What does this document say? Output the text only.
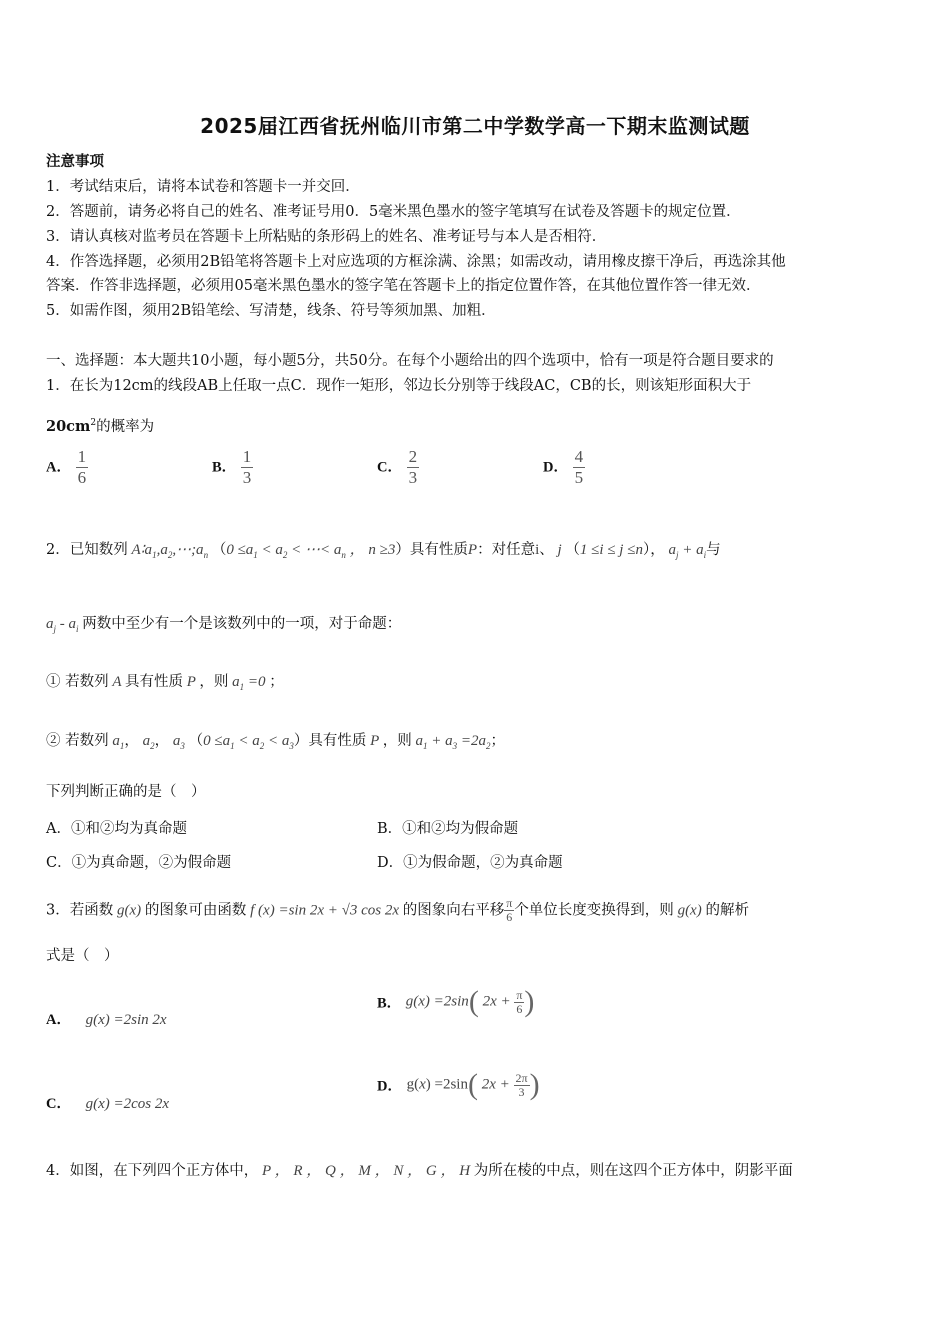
2025届江西省抚州临川市第二中学数学高一下期末监测试题
注意事项
1．考试结束后，请将本试卷和答题卡一并交回．
2．答题前，请务必将自己的姓名、准考证号用0．5毫米黑色墨水的签字笔填写在试卷及答题卡的规定位置．
3．请认真核对监考员在答题卡上所粘贴的条形码上的姓名、准考证号与本人是否相符．
4．作答选择题，必须用2B铅笔将答题卡上对应选项的方框涂满、涂黑；如需改动，请用橡皮擦干净后，再选涂其他
答案．作答非选择题，必须用05毫米黑色墨水的签字笔在答题卡上的指定位置作答，在其他位置作答一律无效．
5．如需作图，须用2B铅笔绘、写清楚，线条、符号等须加黑、加粗．
一、选择题：本大题共10小题，每小题5分，共50分。在每个小题给出的四个选项中，恰有一项是符合题目要求的
1．在长为12cm的线段AB上任取一点C．现作一矩形，邻边长分别等于线段AC，CB的长，则该矩形面积大于
$20cm^2$的概率为
A． $\frac{1}{6}$	B． $\frac{1}{3}$	C． $\frac{2}{3}$	D． $\frac{4}{5}$
2．已知数列 $A∶a_1,a_2,\cdots;a_n$ （$0 \le a_1 < a_2$ < ⋯< $a_n$ ， n ≥3）具有性质P：对任意i、 j （1 ≤i ≤ j ≤n）， $a_j + a_i$与
$a_j - a_i$ 两数中至少有一个是该数列中的一项，对于命题：
① 若数列 A 具有性质 P ，则 $a_1 =0$ ；
② 若数列 $a_1$， $a_2$， $a_3$ $(0 \le a_1 < a_2 < a_3)$具有性质 P ，则 $a_1 + a_3 =2a_2$；
下列判断正确的是（　）
A．①和②均为真命题	B．①和②均为假命题
C．①为真命题，②为假命题	D．①为假命题，②为真命题
3．若函数 g(x) 的图象可由函数 f (x) =sin 2x + √3 cos 2x 的图象向右平移 $\frac{\pi}{6}$ 个单位长度变换得到，则 g(x) 的解析
式是（　）
A． g(x) =2sin 2x
B． g(x) =2sin( $2x + \frac{\pi}{6}$ )
C． g(x) =2cos 2x
D． g(x) =2sin( $2x + \frac{2\pi}{3}$ )
4．如图，在下列四个正方体中， P ， R ， Q ， M ， N ， G ， H 为所在棱的中点，则在这四个正方体中，阴影平面
